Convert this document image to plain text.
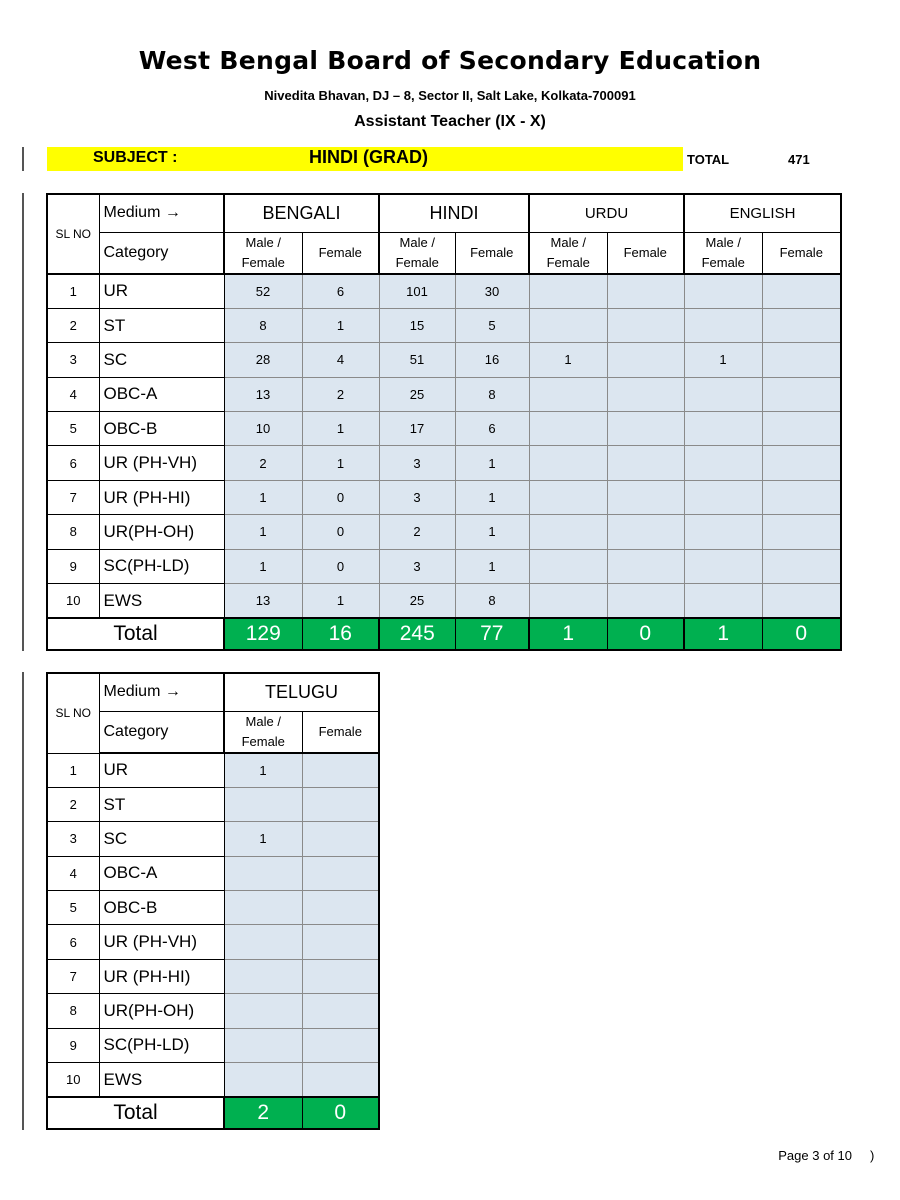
West Bengal Board of Secondary Education
Nivedita Bhavan, DJ – 8, Sector II, Salt Lake, Kolkata-700091
Assistant Teacher (IX - X)
SUBJECT :	HINDI (GRAD)	TOTAL	471
SL NO	Medium →	BENGALI		HINDI		URDU		ENGLISH	
	Category	Male / Female	Female	Male / Female	Female	Male / Female	Female	Male / Female	Female
1	UR	52	6	101	30				
2	ST	8	1	15	5				
3	SC	28	4	51	16	1		1	
4	OBC-A	13	2	25	8				
5	OBC-B	10	1	17	6				
6	UR (PH-VH)	2	1	3	1				
7	UR (PH-HI)	1	0	3	1				
8	UR(PH-OH)	1	0	2	1				
9	SC(PH-LD)	1	0	3	1				
10	EWS	13	1	25	8				
Total		129	16	245	77	1	0	1	0
SL NO	Medium →	TELUGU	
	Category	Male / Female	Female
1	UR	1	
2	ST		
3	SC	1	
4	OBC-A		
5	OBC-B		
6	UR (PH-VH)		
7	UR (PH-HI)		
8	UR(PH-OH)		
9	SC(PH-LD)		
10	EWS		
Total		2	0
Page 3 of 10 )
